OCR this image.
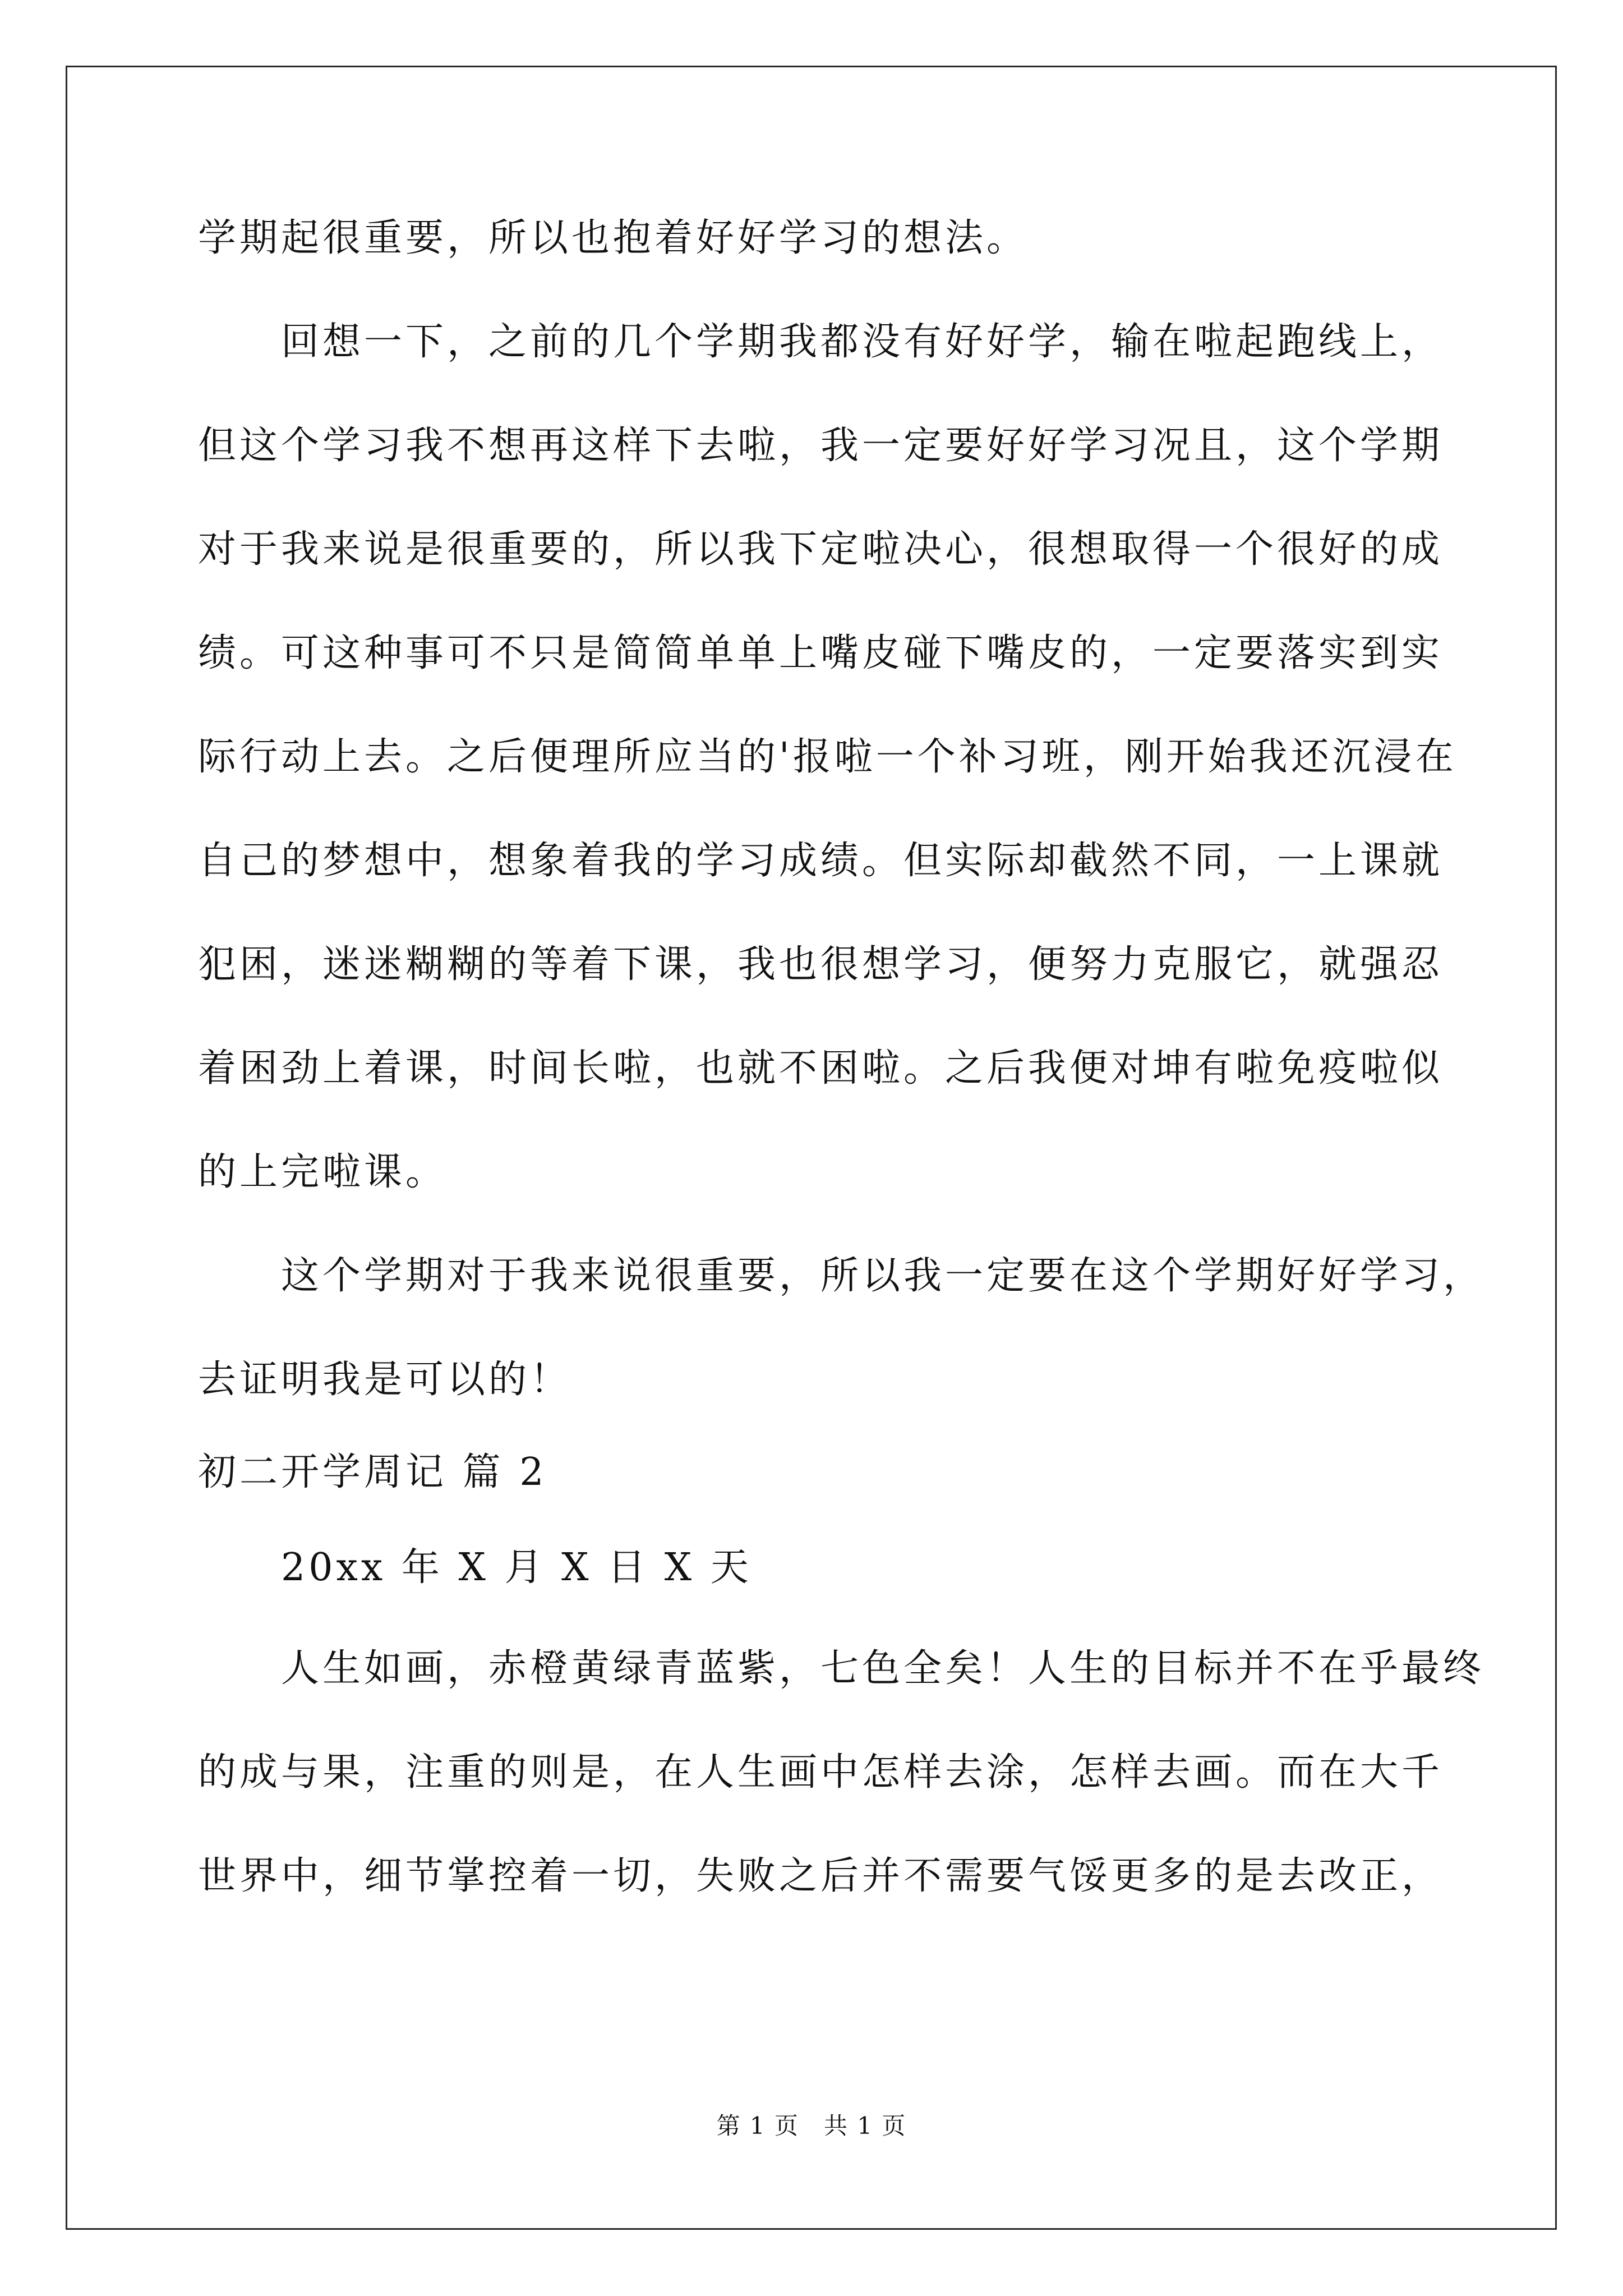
学期起很重要，所以也抱着好好学习的想法。
回想一下，之前的几个学期我都没有好好学，输在啦起跑线上，
但这个学习我不想再这样下去啦，我一定要好好学习况且，这个学期
对于我来说是很重要的，所以我下定啦决心，很想取得一个很好的成
绩。可这种事可不只是简简单单上嘴皮碰下嘴皮的，一定要落实到实
际行动上去。之后便理所应当的'报啦一个补习班，刚开始我还沉浸在
自己的梦想中，想象着我的学习成绩。但实际却截然不同，一上课就
犯困，迷迷糊糊的等着下课，我也很想学习，便努力克服它，就强忍
着困劲上着课，时间长啦，也就不困啦。之后我便对坤有啦免疫啦似
的上完啦课。
这个学期对于我来说很重要，所以我一定要在这个学期好好学习，
去证明我是可以的！
初二开学周记 篇 2
20xx 年 X 月 X 日 X 天
人生如画，赤橙黄绿青蓝紫，七色全矣！人生的目标并不在乎最终
的成与果，注重的则是，在人生画中怎样去涂，怎样去画。而在大千
世界中，细节掌控着一切，失败之后并不需要气馁更多的是去改正，
第 1 页　共 1 页
